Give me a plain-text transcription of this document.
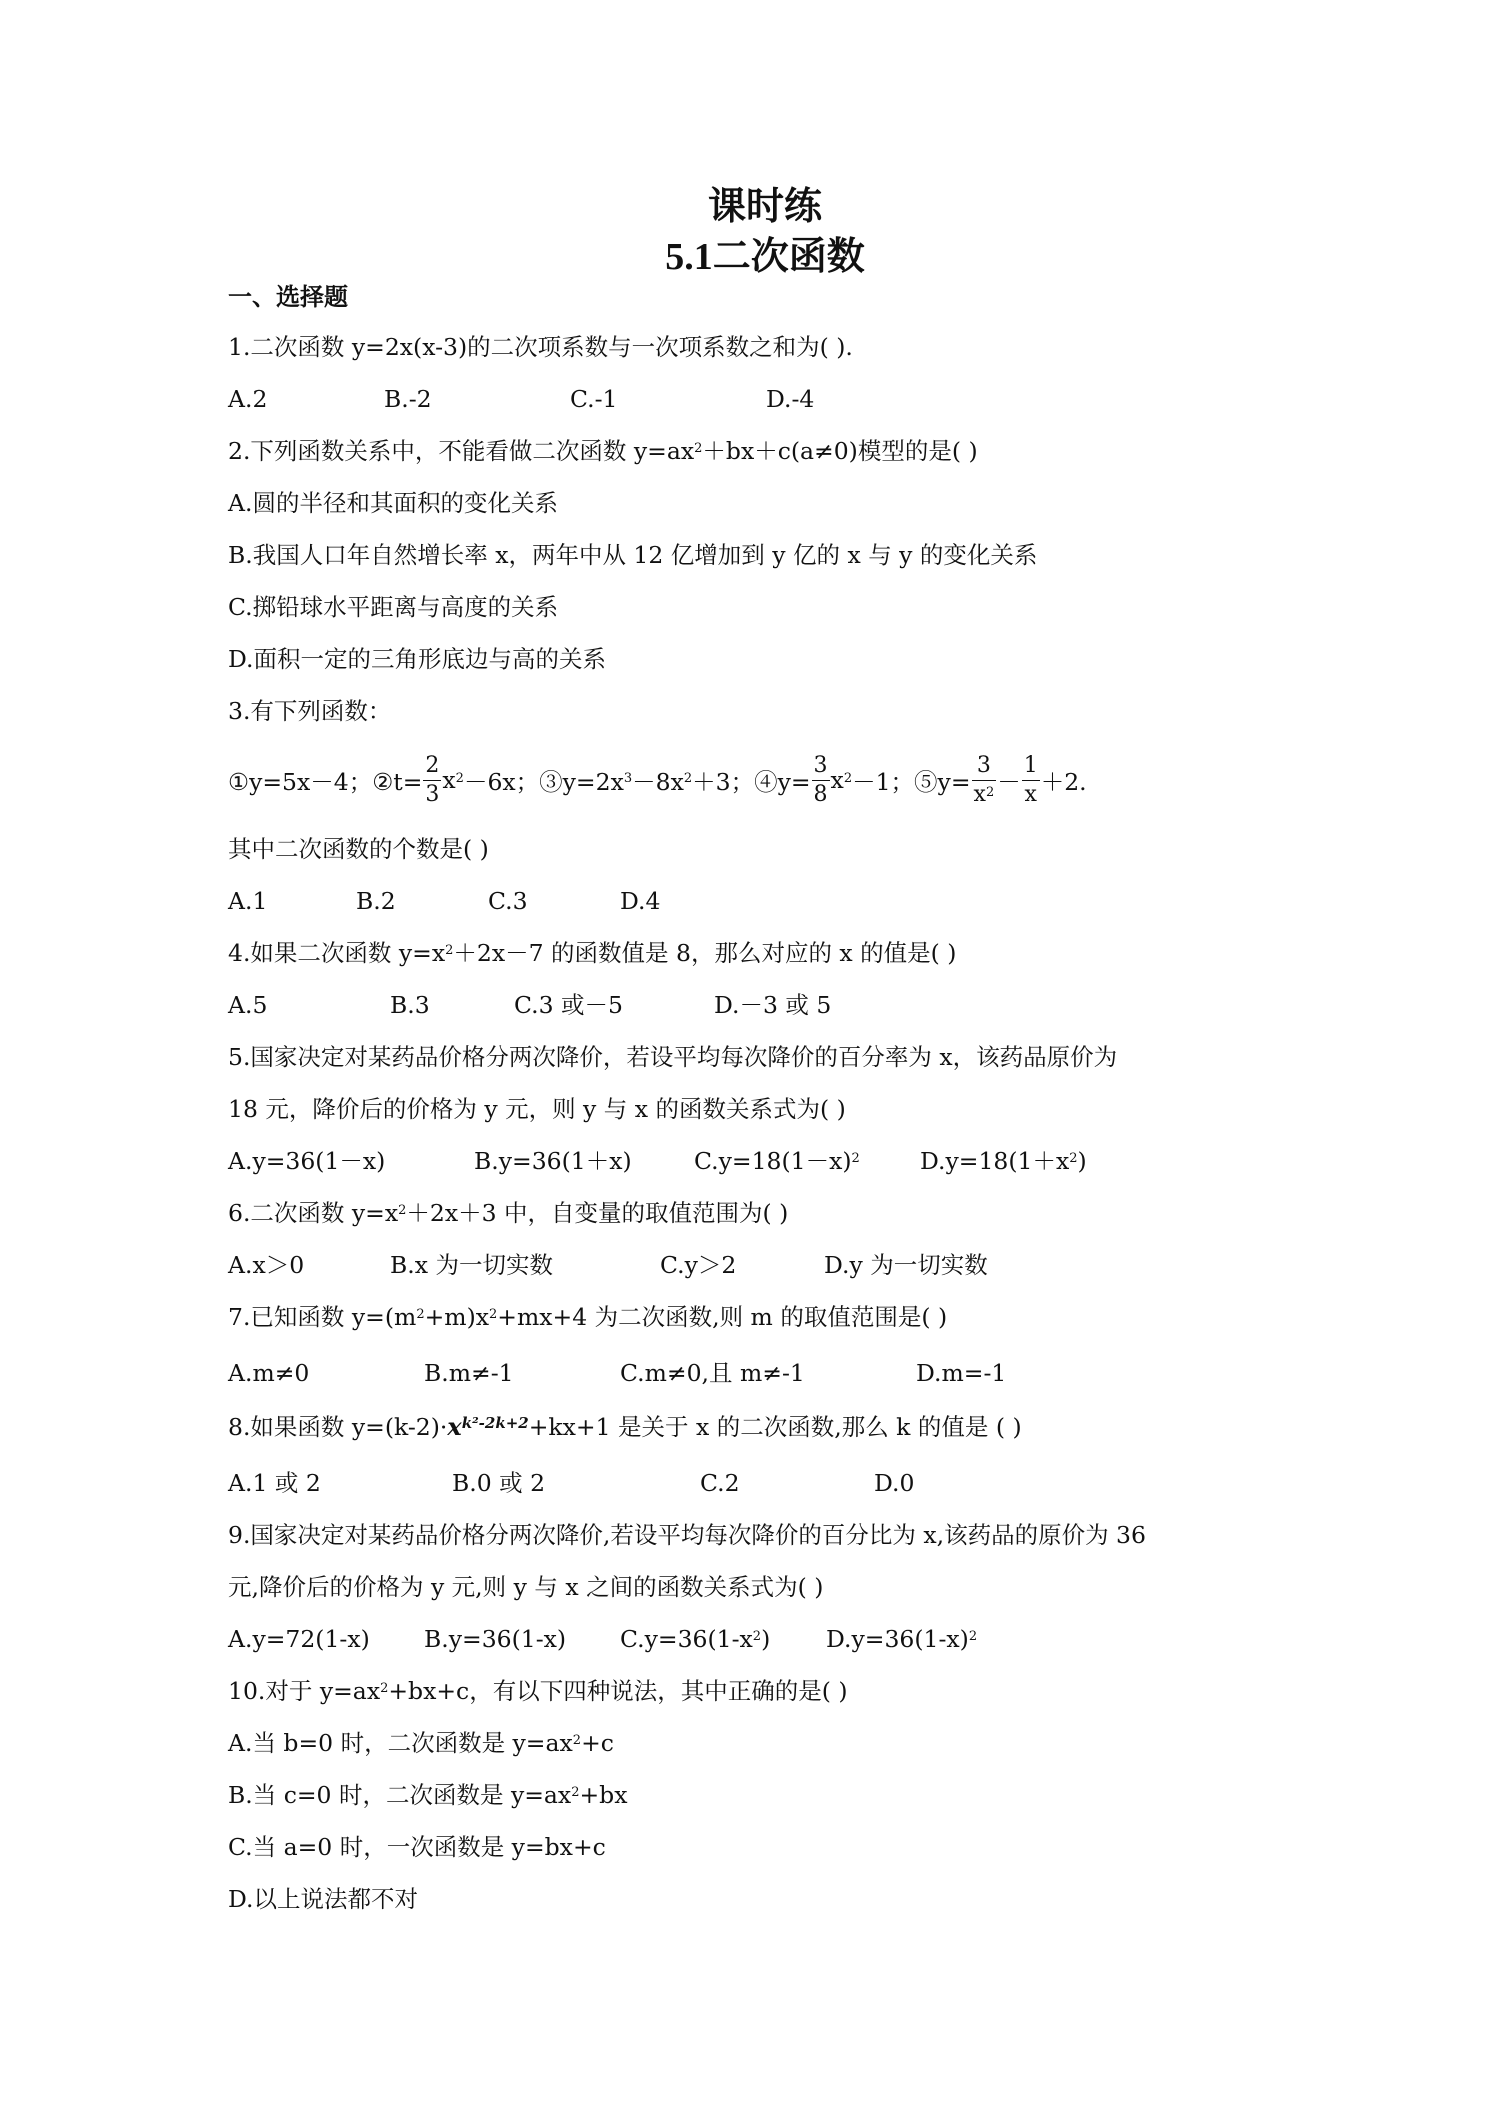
课时练
5.1二次函数
一、选择题
1.二次函数 y=2x(x-3)的二次项系数与一次项系数之和为( ).
A.2	B.-2	C.-1	D.-4
2.下列函数关系中，不能看做二次函数 $y=ax^2+bx+c(a\ne 0)$模型的是( )
A.圆的半径和其面积的变化关系
B.我国人口年自然增长率 x，两年中从 12 亿增加到 y 亿的 x 与 y 的变化关系
C.掷铅球水平距离与高度的关系
D.面积一定的三角形底边与高的关系
3.有下列函数：
①y=5x－4；②t= $\frac{2}{3} x^2 -6x$；$③y=2x^3 -8x^2 +3$；④y= $\frac{3}{8} x^2 -1$；⑤y= $\frac{3}{x^2} - \frac{1}{x} +2$.
其中二次函数的个数是( )
A.1	B.2	C.3	D.4
4.如果二次函数 $y=x^2+2x-7$ 的函数值是 8，那么对应的 x 的值是( )
A.5	B.3	C.3 或－5	D.－3 或 5
5.国家决定对某药品价格分两次降价，若设平均每次降价的百分率为 x，该药品原价为
18 元，降价后的价格为 y 元，则 y 与 x 的函数关系式为( )
A.y=36(1－x)	B.y=36(1＋x)	$C.y=18(1-x)^2$	$D.y=18(1+x^2)$
6.二次函数 $y=x^2+2x+3$ 中，自变量的取值范围为( )
A.x＞0	B.x 为一切实数	C.y＞2	D.y 为一切实数
7.已知函数 $y=(m^2+m)x^2+mx+4$ 为二次函数,则 m 的取值范围是( )
A.m≠0	B.m≠-1	C.m≠0,且 m≠-1	D.m=-1
8.如果函数 $y=(k-2)\cdot x^{k^2-2k+2}+kx+1$ 是关于 x 的二次函数,那么 k 的值是 ( )
A.1 或 2	B.0 或 2	C.2	D.0
9.国家决定对某药品价格分两次降价,若设平均每次降价的百分比为 x,该药品的原价为 36
元,降价后的价格为 y 元,则 y 与 x 之间的函数关系式为( )
A.y=72(1-x) B.y=36(1-x) $C.y=36(1-x^2)$ $D.y=36(1-x)^2$
10.对于 $y=ax^2+bx+c$，有以下四种说法，其中正确的是( )
A.当 b=0 时，二次函数是 $y=ax^2+c$
B.当 c=0 时，二次函数是 $y=ax^2+bx$
C.当 a=0 时，一次函数是 y=bx+c
D.以上说法都不对
